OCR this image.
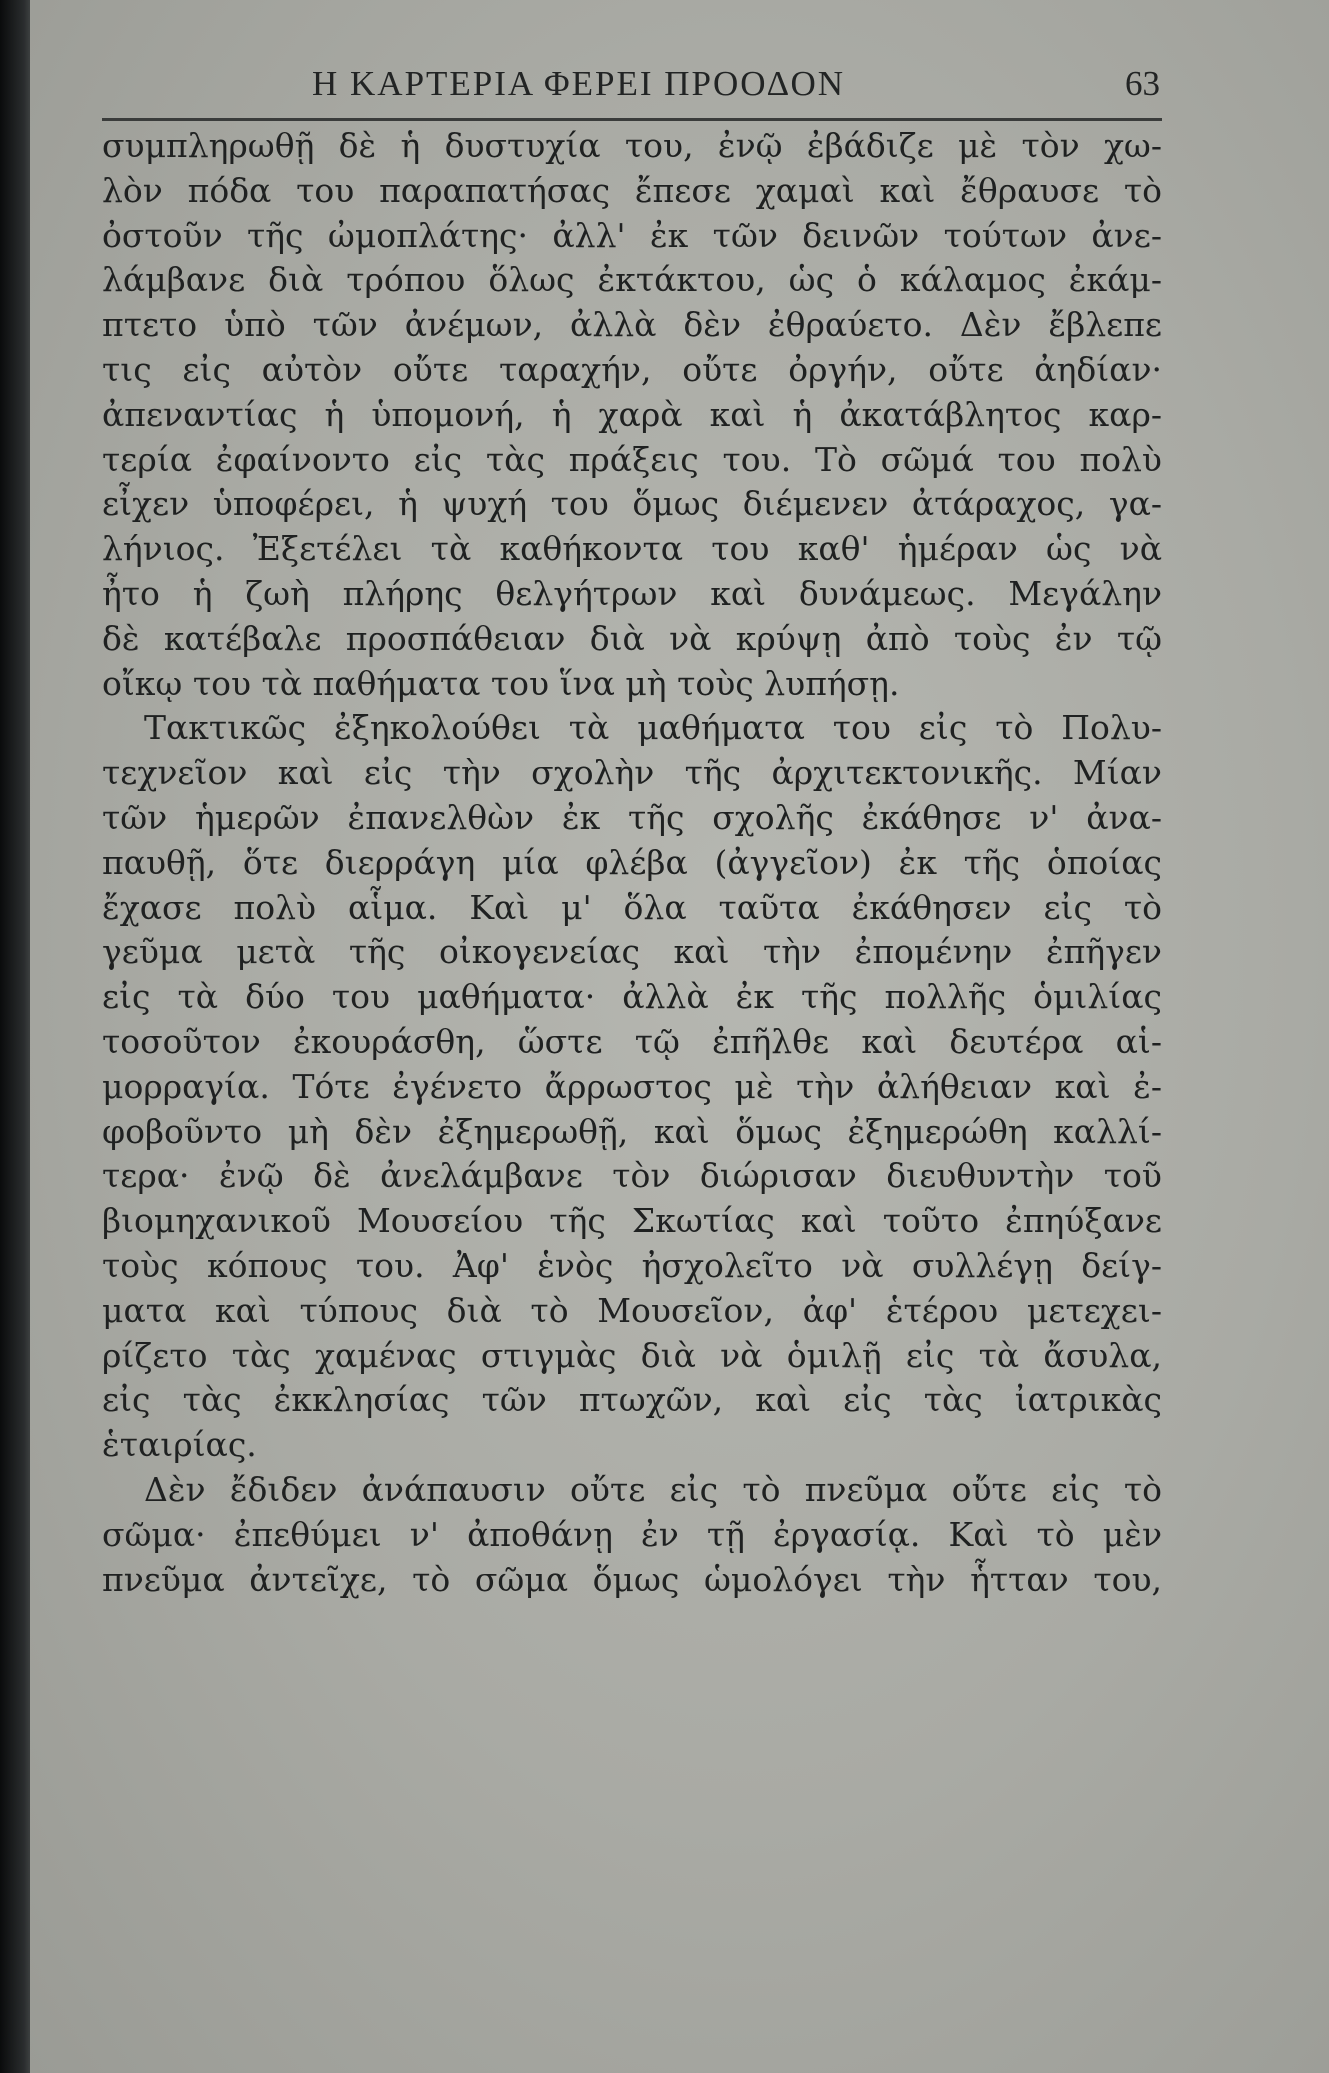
Η ΚΑΡΤΕΡΙΑ ΦΕΡΕΙ ΠΡΟΟΔΟΝ	63
συμπληρωθῇ δὲ ἡ δυστυχία του, ἐνῷ ἐβάδιζε μὲ τὸν χω-
λὸν πόδα του παραπατήσας ἔπεσε χαμαὶ καὶ ἔθραυσε τὸ
ὀστοῦν τῆς ὠμοπλάτης· ἀλλ' ἐκ τῶν δεινῶν τούτων ἀνε-
λάμβανε διὰ τρόπου ὅλως ἐκτάκτου, ὡς ὁ κάλαμος ἐκάμ-
πτετο ὑπὸ τῶν ἀνέμων, ἀλλὰ δὲν ἐθραύετο. Δὲν ἔβλεπε
τις εἰς αὐτὸν οὔτε ταραχήν, οὔτε ὀργήν, οὔτε ἀηδίαν·
ἀπεναντίας ἡ ὑπομονή, ἡ χαρὰ καὶ ἡ ἀκατάβλητος καρ-
τερία ἐφαίνοντο εἰς τὰς πράξεις του. Τὸ σῶμά του πολὺ
εἶχεν ὑποφέρει, ἡ ψυχή του ὅμως διέμενεν ἀτάραχος, γα-
λήνιος. Ἐξετέλει τὰ καθήκοντα του καθ' ἡμέραν ὡς νὰ
ἦτο ἡ ζωὴ πλήρης θελγήτρων καὶ δυνάμεως. Μεγάλην
δὲ κατέβαλε προσπάθειαν διὰ νὰ κρύψῃ ἀπὸ τοὺς ἐν τῷ
οἴκῳ του τὰ παθήματα του ἵνα μὴ τοὺς λυπήσῃ.
Τακτικῶς ἐξηκολούθει τὰ μαθήματα του εἰς τὸ Πολυ-
τεχνεῖον καὶ εἰς τὴν σχολὴν τῆς ἀρχιτεκτονικῆς. Μίαν
τῶν ἡμερῶν ἐπανελθὼν ἐκ τῆς σχολῆς ἐκάθησε ν' ἀνα-
παυθῇ, ὅτε διερράγη μία φλέβα (ἀγγεῖον) ἐκ τῆς ὁποίας
ἔχασε πολὺ αἷμα. Καὶ μ' ὅλα ταῦτα ἐκάθησεν εἰς τὸ
γεῦμα μετὰ τῆς οἰκογενείας καὶ τὴν ἐπομένην ἐπῆγεν
εἰς τὰ δύο του μαθήματα· ἀλλὰ ἐκ τῆς πολλῆς ὁμιλίας
τοσοῦτον ἐκουράσθη, ὥστε τῷ ἐπῆλθε καὶ δευτέρα αἱ-
μορραγία. Τότε ἐγένετο ἄρρωστος μὲ τὴν ἀλήθειαν καὶ ἐ-
φοβοῦντο μὴ δὲν ἐξημερωθῇ, καὶ ὅμως ἐξημερώθη καλλί-
τερα· ἐνῷ δὲ ἀνελάμβανε τὸν διώρισαν διευθυντὴν τοῦ
βιομηχανικοῦ Μουσείου τῆς Σκωτίας καὶ τοῦτο ἐπηύξανε
τοὺς κόπους του. Ἀφ' ἑνὸς ἠσχολεῖτο νὰ συλλέγῃ δείγ-
ματα καὶ τύπους διὰ τὸ Μουσεῖον, ἀφ' ἑτέρου μετεχει-
ρίζετο τὰς χαμένας στιγμὰς διὰ νὰ ὁμιλῇ εἰς τὰ ἄσυλα,
εἰς τὰς ἐκκλησίας τῶν πτωχῶν, καὶ εἰς τὰς ἰατρικὰς
ἑταιρίας.
Δὲν ἔδιδεν ἀνάπαυσιν οὔτε εἰς τὸ πνεῦμα οὔτε εἰς τὸ
σῶμα· ἐπεθύμει ν' ἀποθάνῃ ἐν τῇ ἐργασίᾳ. Καὶ τὸ μὲν
πνεῦμα ἀντεῖχε, τὸ σῶμα ὅμως ὡμολόγει τὴν ἧτταν του,
